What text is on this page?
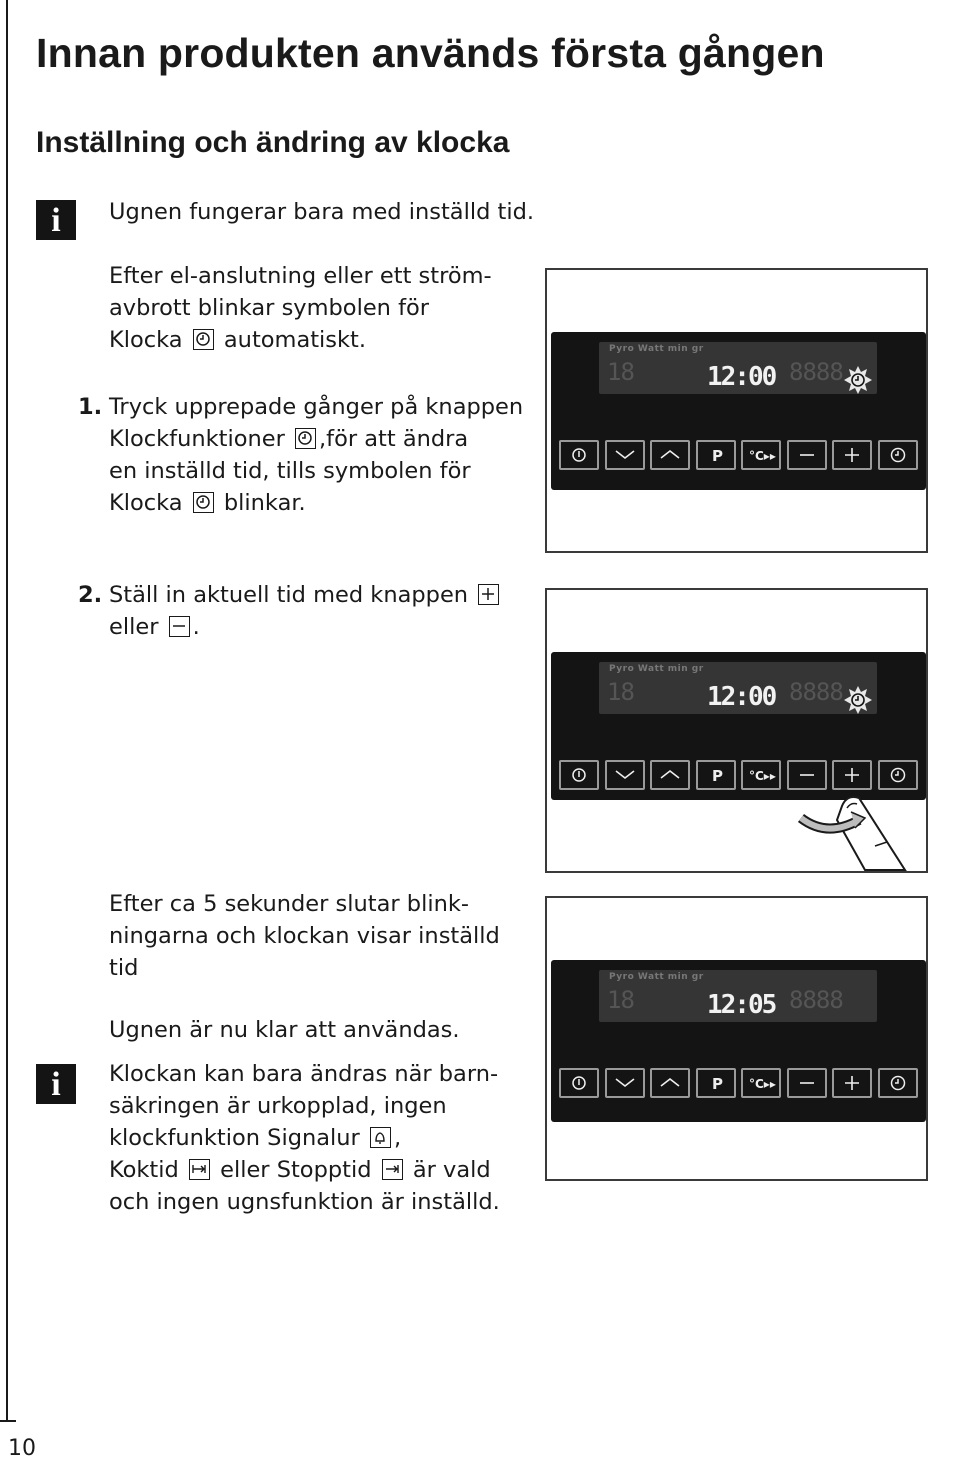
10
Innan produkten används första gången
Inställning och ändring av klocka
i	Ugnen fungerar bara med inställd tid.

Efter el-anslutning eller ett ström-

avbrott blinkar symbolen för

Klocka automatiskt.

1. Tryck upprepade gånger på knappen

Klockfunktioner ,för att ändra

en inställd tid, tills symbolen för

Klocka blinkar.

2. Ställ in aktuell tid med knappen

eller .

Efter ca 5 sekunder slutar blink-

ningarna och klockan visar inställd

tid

Ugnen är nu klar att användas.
i	Klockan kan bara ändras när barn-

säkringen är urkopplad, ingen

klockfunktion Signalur ,

Koktid eller Stopptid är vald

och ingen ugnsfunktion är inställd.

Pyro Watt min gr
18	8888
12:00
P °C▸▸
Pyro Watt min gr
18	8888
12:00
P °C▸▸
Pyro Watt min gr
18	8888
12:05
P °C▸▸
